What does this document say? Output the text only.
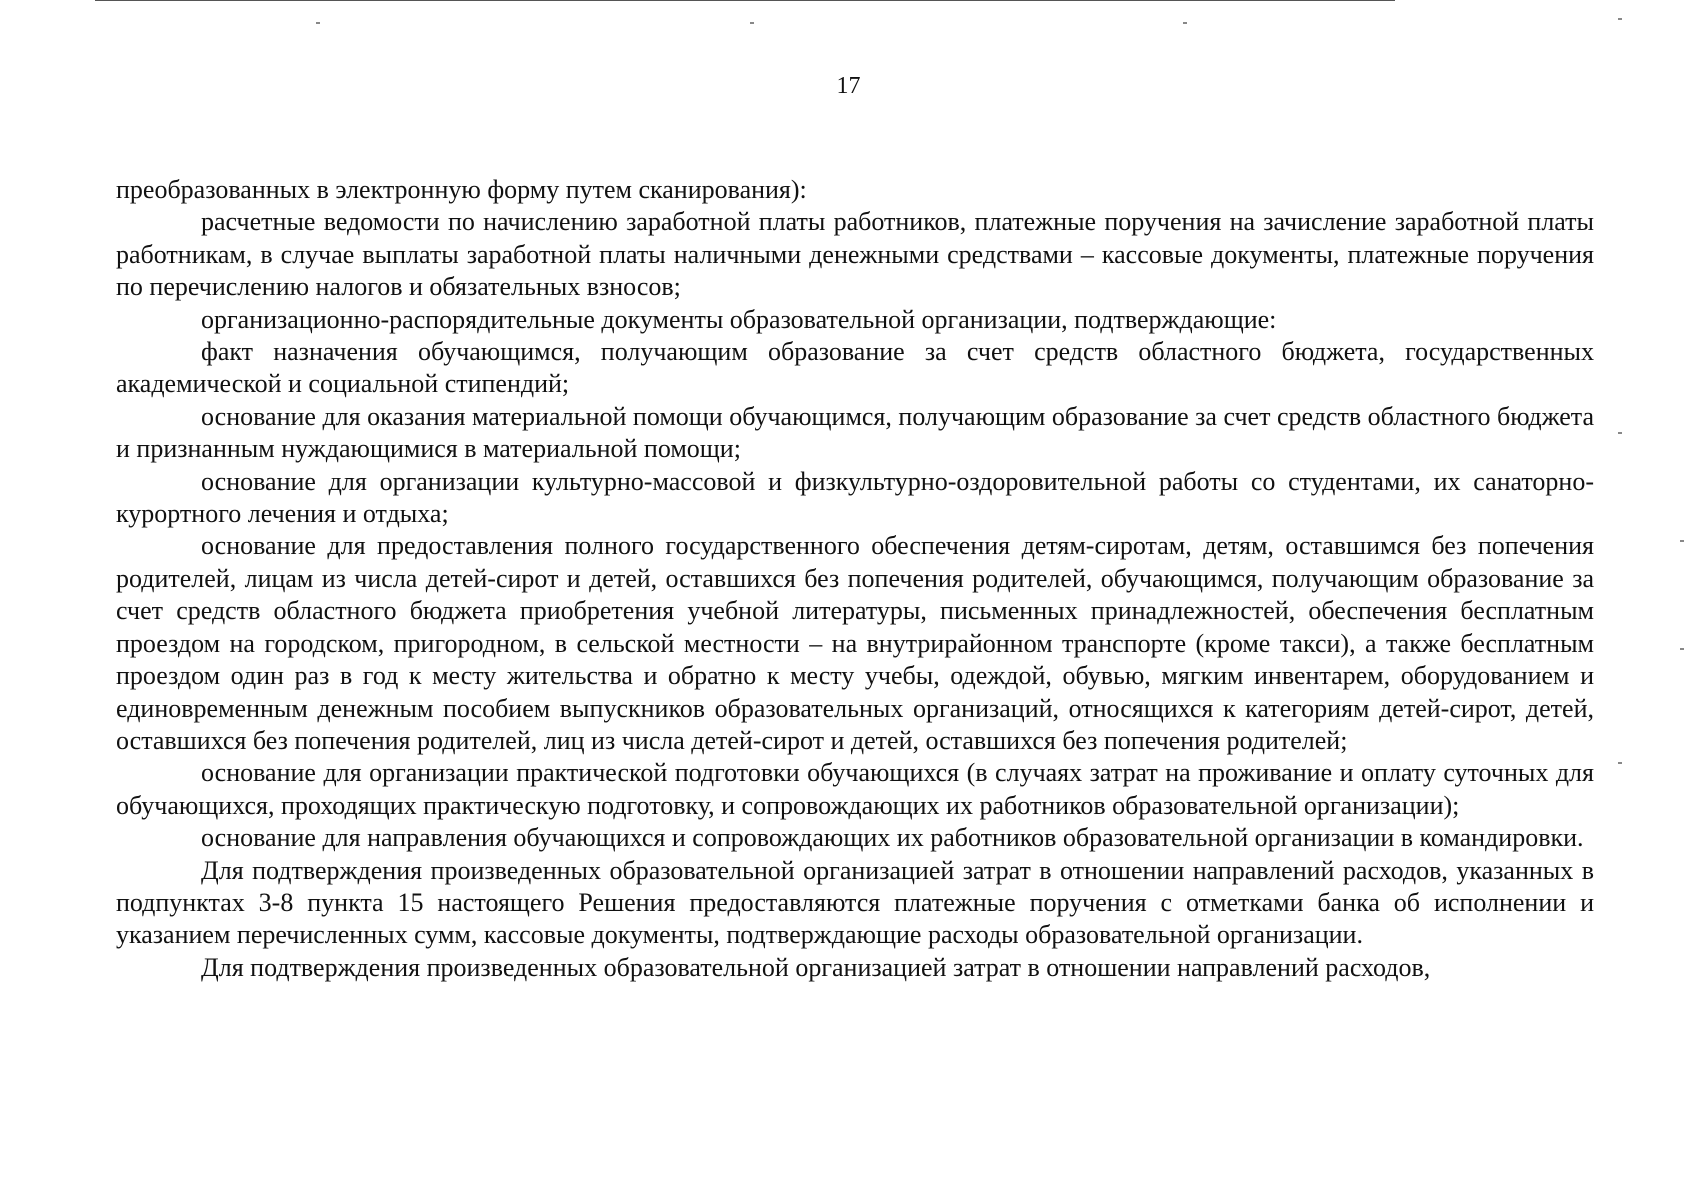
17

преобразованных в электронную форму путем сканирования):

расчетные ведомости по начислению заработной платы работников, платежные поручения на зачисление заработной платы работникам, в случае выплаты заработной платы наличными денежными средствами – кассовые документы, платежные поручения по перечислению налогов и обязательных взносов;

организационно-распорядительные документы образовательной организации, подтверждающие:

факт назначения обучающимся, получающим образование за счет средств областного бюджета, государственных академической и социальной стипендий;

основание для оказания материальной помощи обучающимся, получающим образование за счет средств областного бюджета и признанным нуждающимися в материальной помощи;

основание для организации культурно-массовой и физкультурно-оздоровительной работы со студентами, их санаторно-курортного лечения и отдыха;

основание для предоставления полного государственного обеспечения детям-сиротам, детям, оставшимся без попечения родителей, лицам из числа детей-сирот и детей, оставшихся без попечения родителей, обучающимся, получающим образование за счет средств областного бюджета приобретения учебной литературы, письменных принадлежностей, обеспечения бесплатным проездом на городском, пригородном, в сельской местности – на внутрирайонном транспорте (кроме такси), а также бесплатным проездом один раз в год к месту жительства и обратно к месту учебы, одеждой, обувью, мягким инвентарем, оборудованием и единовременным денежным пособием выпускников образовательных организаций, относящихся к категориям детей-сирот, детей, оставшихся без попечения родителей, лиц из числа детей-сирот и детей, оставшихся без попечения родителей;

основание для организации практической подготовки обучающихся (в случаях затрат на проживание и оплату суточных для обучающихся, проходящих практическую подготовку, и сопровождающих их работников образовательной организации);

основание для направления обучающихся и сопровождающих их работников образовательной организации в командировки.

Для подтверждения произведенных образовательной организацией затрат в отношении направлений расходов, указанных в подпунктах 3-8 пункта 15 настоящего Решения предоставляются платежные поручения с отметками банка об исполнении и указанием перечисленных сумм, кассовые документы, подтверждающие расходы образовательной организации.

Для подтверждения произведенных образовательной организацией затрат в отношении направлений расходов,
